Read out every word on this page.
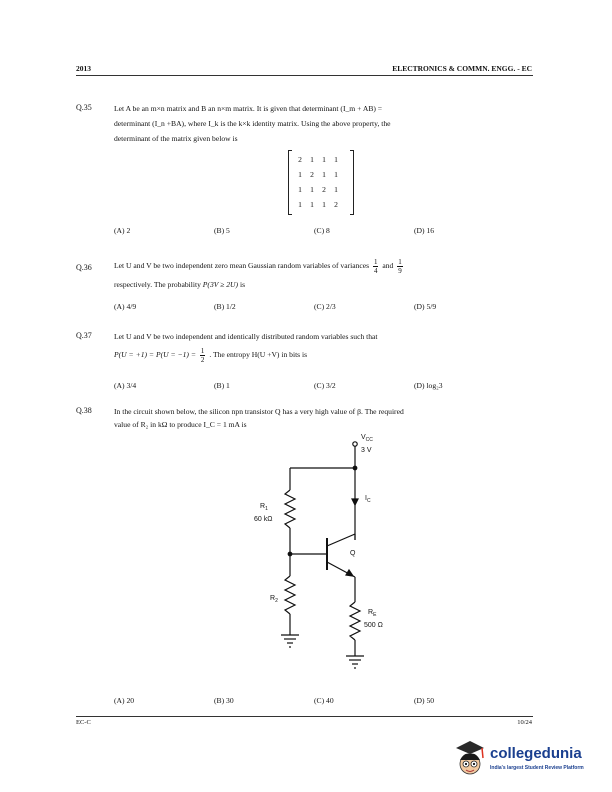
2013	ELECTRONICS & COMMN. ENGG. - EC
Q.35	Let A be an m×n matrix and B an n×m matrix. It is given that determinant (I_m + AB) =
determinant (I_n +BA), where I_k is the k×k identity matrix. Using the above property, the
determinant of the matrix given below is
2	1	1	1
1	2	1	1
1	1	2	1
1	1	1	2
(A) 2	(B) 5	(C) 8	(D) 16
Q.36	Let U and V be two independent zero mean Gaussian random variables of variances $\frac{1}{4}$ and $\frac{1}{9}$
respectively. The probability P(3V ≥ 2U) is
(A) 4/9	(B) 1/2	(C) 2/3	(D) 5/9
Q.37	Let U and V be two independent and identically distributed random variables such that
$P(U = +1) = P(U = -1) = \frac{1}{2}$ . The entropy H(U +V) in bits is
(A) 3/4	(B) 1	(C) 3/2	(D) log₂3
Q.38	In the circuit shown below, the silicon npn transistor Q has a very high value of β. The required
value of R₂ in kΩ to produce I_C = 1 mA is
$V_{CC}$
3 V
$I_C$
$R_1$
60 kΩ
$R_2$
Q
$R_E$
500 Ω
(A) 20	(B) 30	(C) 40	(D) 50
EC-C	10/24
collegedunia
India's largest Student Review Platform
